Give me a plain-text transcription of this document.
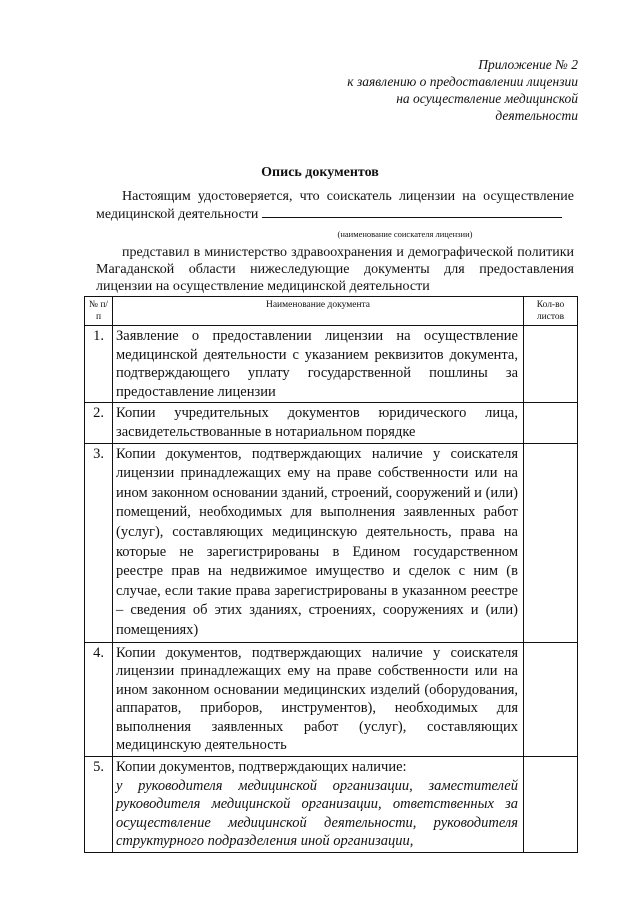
Приложение № 2
к заявлению о предоставлении лицензии
на осуществление медицинской
деятельности
Опись документов

Настоящим удостоверяется, что соискатель лицензии на осуществление медицинской деятельности

(наименование соискателя лицензии)

представил в министерство здравоохранения и демографической политики Магаданской области нижеследующие документы для предоставления лицензии на осуществление медицинской деятельности

№ п/п	Наименование документа	Кол-во листов
1.	Заявление о предоставлении лицензии на осуществление медицинской деятельности с указанием реквизитов документа, подтверждающего уплату государственной пошлины за предоставление лицензии	
2.	Копии учредительных документов юридического лица, засвидетельствованные в нотариальном порядке	
3.	Копии документов, подтверждающих наличие у соискателя лицензии принадлежащих ему на праве собственности или на ином законном основании зданий, строений, сооружений и (или) помещений, необходимых для выполнения заявленных работ (услуг), составляющих медицинскую деятельность, права на которые не зарегистрированы в Едином государственном реестре прав на недвижимое имущество и сделок с ним (в случае, если такие права зарегистрированы в указанном реестре – сведения об этих зданиях, строениях, сооружениях и (или) помещениях)	
4.	Копии документов, подтверждающих наличие у соискателя лицензии принадлежащих ему на праве собственности или на ином законном основании медицинских изделий (оборудования, аппаратов, приборов, инструментов), необходимых для выполнения заявленных работ (услуг), составляющих медицинскую деятельность	
5.	Копии документов, подтверждающих наличие:
у руководителя медицинской организации, заместителей руководителя медицинской организации, ответственных за осуществление медицинской деятельности, руководителя структурного подразделения иной организации,	
